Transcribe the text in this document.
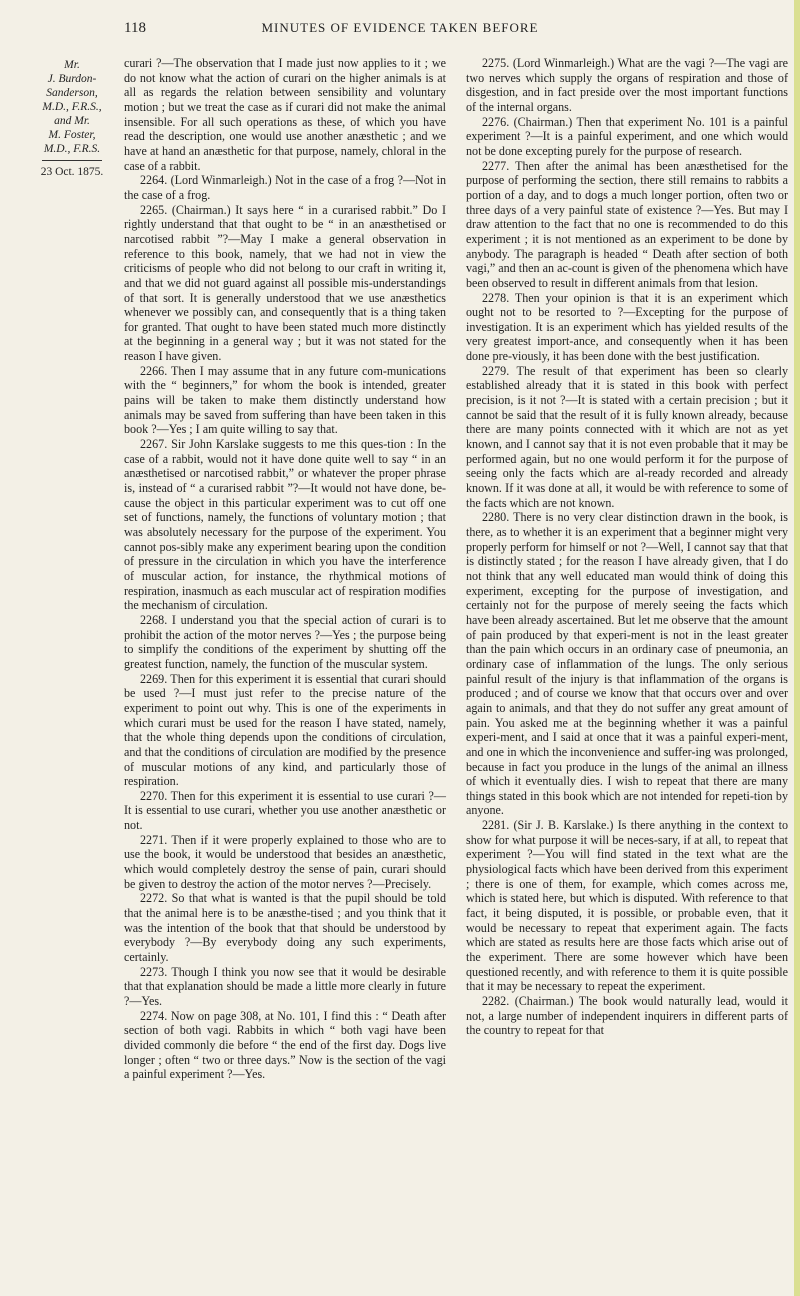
118	MINUTES OF EVIDENCE TAKEN BEFORE
Mr.
J. Burdon-
Sanderson,
M.D., F.R.S.,
and Mr.
M. Foster,
M.D., F.R.S.
23 Oct. 1875.

curari ?—The observation that I made just now applies to it ; we do not know what the action of curari on the higher animals is at all as regards the relation between sensibility and voluntary motion ; but we treat the case as if curari did not make the animal insensible. For all such operations as these, of which you have read the description, one would use another anæsthetic ; and we have at hand an anæsthetic for that purpose, namely, chloral in the case of a rabbit.

2264. (Lord Winmarleigh.) Not in the case of a frog ?—Not in the case of a frog.

2265. (Chairman.) It says here “ in a curarised rabbit.” Do I rightly understand that that ought to be “ in an anæsthetised or narcotised rabbit ”?—May I make a general observation in reference to this book, namely, that we had not in view the criticisms of people who did not belong to our craft in writing it, and that we did not guard against all possible mis-understandings of that sort. It is generally understood that we use anæsthetics whenever we possibly can, and consequently that is a thing taken for granted. That ought to have been stated much more distinctly at the beginning in a general way ; but it was not stated for the reason I have given.

2266. Then I may assume that in any future com-munications with the “ beginners,” for whom the book is intended, greater pains will be taken to make them distinctly understand how animals may be saved from suffering than have been taken in this book ?—Yes ; I am quite willing to say that.

2267. Sir John Karslake suggests to me this ques-tion : In the case of a rabbit, would not it have done quite well to say “ in an anæsthetised or narcotised rabbit,” or whatever the proper phrase is, instead of “ a curarised rabbit ”?—It would not have done, be-cause the object in this particular experiment was to cut off one set of functions, namely, the functions of voluntary motion ; that was absolutely necessary for the purpose of the experiment. You cannot pos-sibly make any experiment bearing upon the condition of pressure in the circulation in which you have the interference of muscular action, for instance, the rhythmical motions of respiration, inasmuch as each muscular act of respiration modifies the mechanism of circulation.

2268. I understand you that the special action of curari is to prohibit the action of the motor nerves ?—Yes ; the purpose being to simplify the conditions of the experiment by shutting off the greatest function, namely, the function of the muscular system.

2269. Then for this experiment it is essential that curari should be used ?—I must just refer to the precise nature of the experiment to point out why. This is one of the experiments in which curari must be used for the reason I have stated, namely, that the whole thing depends upon the conditions of circulation, and that the conditions of circulation are modified by the presence of muscular motions of any kind, and particularly those of respiration.

2270. Then for this experiment it is essential to use curari ?—It is essential to use curari, whether you use another anæsthetic or not.

2271. Then if it were properly explained to those who are to use the book, it would be understood that besides an anæsthetic, which would completely destroy the sense of pain, curari should be given to destroy the action of the motor nerves ?—Precisely.

2272. So that what is wanted is that the pupil should be told that the animal here is to be anæsthe-tised ; and you think that it was the intention of the book that that should be understood by everybody ?—By everybody doing any such experiments, certainly.

2273. Though I think you now see that it would be desirable that that explanation should be made a little more clearly in future ?—Yes.

2274. Now on page 308, at No. 101, I find this : “ Death after section of both vagi. Rabbits in which “ both vagi have been divided commonly die before “ the end of the first day. Dogs live longer ; often “ two or three days.” Now is the section of the vagi a painful experiment ?—Yes.

2275. (Lord Winmarleigh.) What are the vagi ?—The vagi are two nerves which supply the organs of respiration and those of disgestion, and in fact preside over the most important functions of the internal organs.

2276. (Chairman.) Then that experiment No. 101 is a painful experiment ?—It is a painful experiment, and one which would not be done excepting purely for the purpose of research.

2277. Then after the animal has been anæsthetised for the purpose of performing the section, there still remains to rabbits a portion of a day, and to dogs a much longer portion, often two or three days of a very painful state of existence ?—Yes. But may I draw attention to the fact that no one is recommended to do this experiment ; it is not mentioned as an experiment to be done by anybody. The paragraph is headed “ Death after section of both vagi,” and then an ac-count is given of the phenomena which have been observed to result in different animals from that lesion.

2278. Then your opinion is that it is an experiment which ought not to be resorted to ?—Excepting for the purpose of investigation. It is an experiment which has yielded results of the very greatest import-ance, and consequently when it has been done pre-viously, it has been done with the best justification.

2279. The result of that experiment has been so clearly established already that it is stated in this book with perfect precision, is it not ?—It is stated with a certain precision ; but it cannot be said that the result of it is fully known already, because there are many points connected with it which are not as yet known, and I cannot say that it is not even probable that it may be performed again, but no one would perform it for the purpose of seeing only the facts which are al-ready recorded and already known. If it was done at all, it would be with reference to some of the facts which are not known.

2280. There is no very clear distinction drawn in the book, is there, as to whether it is an experiment that a beginner might very properly perform for himself or not ?—Well, I cannot say that that is distinctly stated ; for the reason I have already given, that I do not think that any well educated man would think of doing this experiment, excepting for the purpose of investigation, and certainly not for the purpose of merely seeing the facts which have been already ascertained. But let me observe that the amount of pain produced by that experi-ment is not in the least greater than the pain which occurs in an ordinary case of pneumonia, an ordinary case of inflammation of the lungs. The only serious painful result of the injury is that inflammation of the organs is produced ; and of course we know that that occurs over and over again to animals, and that they do not suffer any great amount of pain. You asked me at the beginning whether it was a painful experi-ment, and I said at once that it was a painful experi-ment, and one in which the inconvenience and suffer-ing was prolonged, because in fact you produce in the lungs of the animal an illness of which it eventually dies. I wish to repeat that there are many things stated in this book which are not intended for repeti-tion by anyone.

2281. (Sir J. B. Karslake.) Is there anything in the context to show for what purpose it will be neces-sary, if at all, to repeat that experiment ?—You will find stated in the text what are the physiological facts which have been derived from this experiment ; there is one of them, for example, which comes across me, which is stated here, but which is disputed. With reference to that fact, it being disputed, it is possible, or probable even, that it would be necessary to repeat that experiment again. The facts which are stated as results here are those facts which arise out of the experiment. There are some however which have been questioned recently, and with reference to them it is quite possible that it may be necessary to repeat the experiment.

2282. (Chairman.) The book would naturally lead, would it not, a large number of independent inquirers in different parts of the country to repeat for that
